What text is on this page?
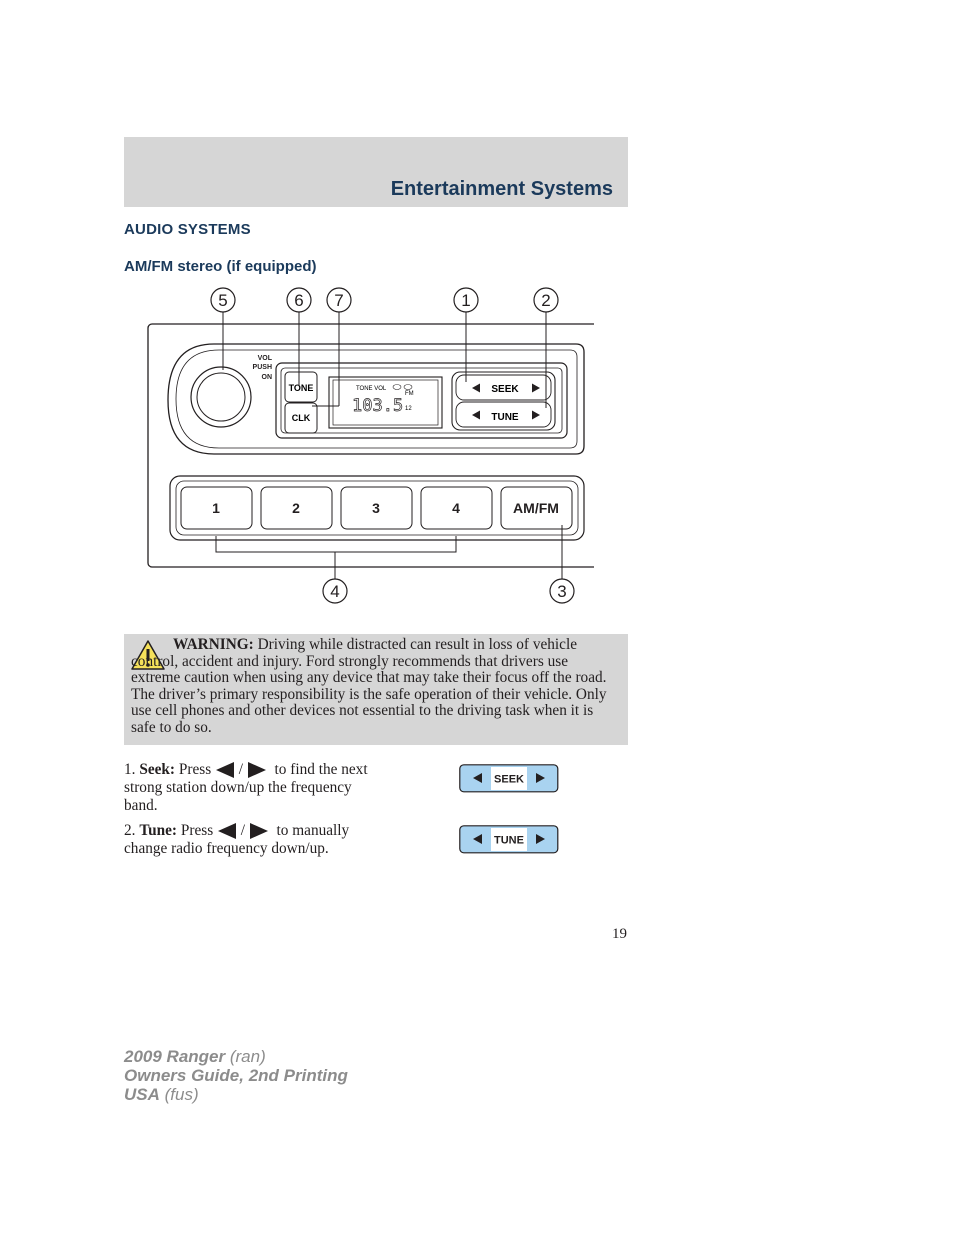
Entertainment Systems
AUDIO SYSTEMS
AM/FM stereo (if equipped)
5	6 7	1	2
4	3
VOL
PUSH
ON
TONE
CLK
TONE VOL
FM
103.5 12
SEEK
TUNE
1	2	3	4	AM/FM
WARNING: Driving while distracted can result in loss of vehicle control, accident and injury. Ford strongly recommends that drivers use extreme caution when using any device that may take their focus off the road. The driver’s primary responsibility is the safe operation of their vehicle. Only use cell phones and other devices not essential to the driving task when it is safe to do so.
1. Seek: Press / to find the next strong station down/up the frequency band.
SEEK
2. Tune: Press / to manually change radio frequency down/up.	TUNE
19
2009 Ranger (ran)
Owners Guide, 2nd Printing
USA (fus)
